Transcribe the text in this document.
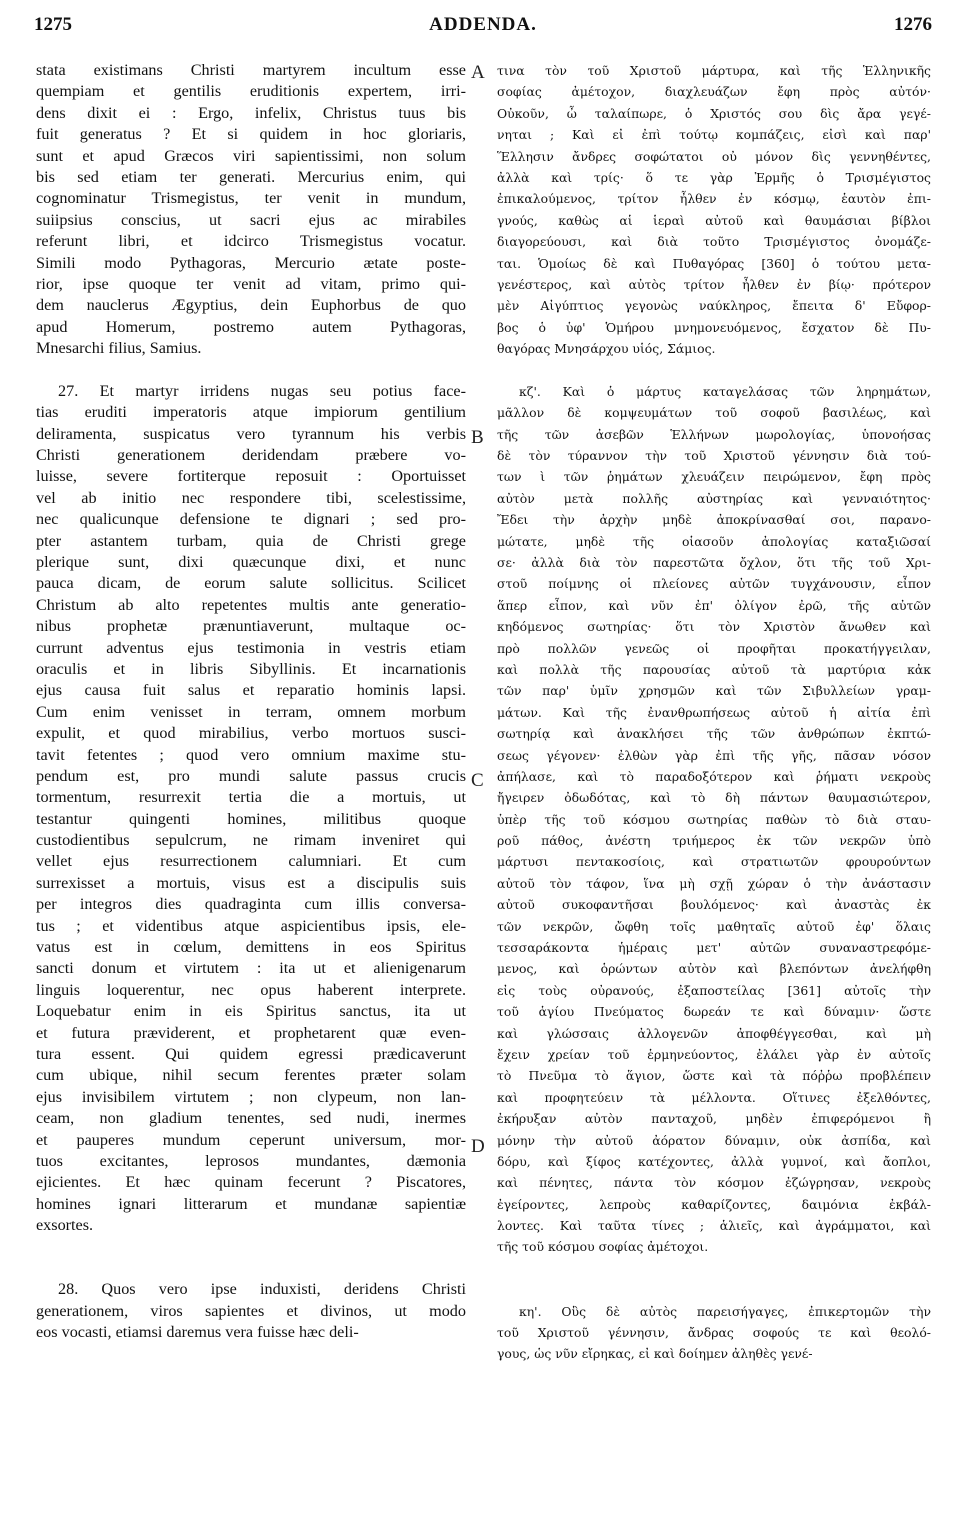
1275	ADDENDA.	1276
A
B
C
D
stata existimans Christi martyrem incultum esse
quempiam et gentilis eruditionis expertem, irri-
dens dixit ei : Ergo, infelix, Christus tuus bis
fuit generatus ? Et si quidem in hoc gloriaris,
sunt et apud Græcos viri sapientissimi, non solum
bis sed etiam ter generati. Mercurius enim, qui
cognominatur Trismegistus, ter venit in mundum,
suiipsius conscius, ut sacri ejus ac mirabiles
referunt libri, et idcirco Trismegistus vocatur.
Simili modo Pythagoras, Mercurio ætate poste-
rior, ipse quoque ter venit ad vitam, primo qui-
dem nauclerus Ægyptius, dein Euphorbus de quo
apud Homerum, postremo autem Pythagoras,
Mnesarchi filius, Samius.
27. Et martyr irridens nugas seu potius face-
tias eruditi imperatoris atque impiorum gentilium
deliramenta, suspicatus vero tyrannum his verbis
Christi generationem deridendam præbere vo-
luisse, severe fortiterque reposuit : Oportuisset
vel ab initio nec respondere tibi, scelestissime,
nec qualicunque defensione te dignari ; sed pro-
pter astantem turbam, quia de Christi grege
plerique sunt, dixi quæcunque dixi, et nunc
pauca dicam, de eorum salute sollicitus. Scilicet
Christum ab alto repetentes multis ante generatio-
nibus prophetæ prænuntiaverunt, multaque oc-
currunt adventus ejus testimonia in vestris etiam
oraculis et in libris Sibyllinis. Et incarnationis
ejus causa fuit salus et reparatio hominis lapsi.
Cum enim venisset in terram, omnem morbum
expulit, et quod mirabilius, verbo mortuos susci-
tavit fetentes ; quod vero omnium maxime stu-
pendum est, pro mundi salute passus crucis
tormentum, resurrexit tertia die a mortuis, ut
testantur quingenti homines, militibus quoque
custodientibus sepulcrum, ne rimam inveniret qui
vellet ejus resurrectionem calumniari. Et cum
surrexisset a mortuis, visus est a discipulis suis
per integros dies quadraginta cum illis conversa-
tus ; et videntibus atque aspicientibus ipsis, ele-
vatus est in cœlum, demittens in eos Spiritus
sancti donum et virtutem : ita ut et alienigenarum
linguis loquerentur, nec opus haberent interprete.
Loquebatur enim in eis Spiritus sanctus, ita ut
et futura præviderent, et prophetarent quæ even-
tura essent. Qui quidem egressi prædicaverunt
cum ubique, nihil secum ferentes præter solam
ejus invisibilem virtutem ; non clypeum, non lan-
ceam, non gladium tenentes, sed nudi, inermes
et pauperes mundum ceperunt universum, mor-
tuos excitantes, leprosos mundantes, dæmonia
ejicientes. Et hæc quinam fecerunt ? Piscatores,
homines ignari litterarum et mundanæ sapientiæ
exsortes.
28. Quos vero ipse induxisti, deridens Christi
generationem, viros sapientes et divinos, ut modo
eos vocasti, etiamsi daremus vera fuisse hæc deli-
τινα τὸν τοῦ Χριστοῦ μάρτυρα, καὶ τῆς Ἑλληνικῆς
σοφίας ἀμέτοχον, διαχλευάζων ἔφη πρὸς αὐτόν·
Οὐκοῦν, ὦ ταλαίπωρε, ὁ Χριστός σου δὶς ἄρα γεγέ-
νηται ; Καὶ εἰ ἐπὶ τούτῳ κομπάζεις, εἰσὶ καὶ παρ'
Ἕλλησιν ἄνδρες σοφώτατοι οὐ μόνον δὶς γεννηθέντες,
ἀλλὰ καὶ τρίς· ὅ τε γὰρ Ἑρμῆς ὁ Τρισμέγιστος
ἐπικαλούμενος, τρίτον ἦλθεν ἐν κόσμῳ, ἑαυτὸν ἐπι-
γνούς, καθὼς αἱ ἱεραὶ αὐτοῦ καὶ θαυμάσιαι βίβλοι
διαγορεύουσι, καὶ διὰ τοῦτο Τρισμέγιστος ὀνομάζε-
ται. Ὁμοίως δὲ καὶ Πυθαγόρας [360] ὁ τούτου μετα-
γενέστερος, καὶ αὐτὸς τρίτον ἦλθεν ἐν βίῳ· πρότερον
μὲν Αἰγύπτιος γεγονὼς ναύκληρος, ἔπειτα δ' Εὔφορ-
βος ὁ ὑφ' Ὁμήρου μνημονευόμενος, ἔσχατον δὲ Πυ-
θαγόρας Μνησάρχου υἱός, Σάμιος.
κζ'. Καὶ ὁ μάρτυς καταγελάσας τῶν ληρημάτων,
μᾶλλον δὲ κομψευμάτων τοῦ σοφοῦ βασιλέως, καὶ
τῆς τῶν ἀσεβῶν Ἑλλήνων μωρολογίας, ὑπονοήσας
δὲ τὸν τύραννον τὴν τοῦ Χριστοῦ γέννησιν διὰ τού-
των ὶ τῶν ῥημάτων χλευάζειν πειρώμενον, ἔφη πρὸς
αὐτὸν μετὰ πολλῆς αὐστηρίας καὶ γενναιότητος·
Ἔδει τὴν ἀρχὴν μηδὲ ἀποκρίνασθαί σοι, παρανο-
μώτατε, μηδὲ τῆς οἱασοῦν ἀπολογίας καταξιῶσαί
σε· ἀλλὰ διὰ τὸν παρεστῶτα ὄχλον, ὅτι τῆς τοῦ Χρι-
στοῦ ποίμνης οἱ πλείονες αὐτῶν τυγχάνουσιν, εἶπον
ἅπερ εἶπον, καὶ νῦν ἐπ' ὀλίγον ἐρῶ, τῆς αὐτῶν
κηδόμενος σωτηρίας· ὅτι τὸν Χριστὸν ἄνωθεν καὶ
πρὸ πολλῶν γενεῶς οἱ προφῆται προκατήγγειλαν,
καὶ πολλὰ τῆς παρουσίας αὐτοῦ τὰ μαρτύρια κἀκ
τῶν παρ' ὑμῖν χρησμῶν καὶ τῶν Σιβυλλείων γραμ-
μάτων. Καὶ τῆς ἐνανθρωπήσεως αὐτοῦ ἡ αἰτία ἐπὶ
σωτηρίᾳ καὶ ἀνακλήσει τῆς τῶν ἀνθρώπων ἐκπτώ-
σεως γέγονεν· ἐλθὼν γὰρ ἐπὶ τῆς γῆς, πᾶσαν νόσον
ἀπήλασε, καὶ τὸ παραδοξότερον καὶ ῥήματι νεκροὺς
ἤγειρεν ὀδωδότας, καὶ τὸ δὴ πάντων θαυμασιώτερον,
ὑπὲρ τῆς τοῦ κόσμου σωτηρίας παθὼν τὸ διὰ σταυ-
ροῦ πάθος, ἀνέστη τριήμερος ἐκ τῶν νεκρῶν ὑπὸ
μάρτυσι πεντακοσίοις, καὶ στρατιωτῶν φρουρούντων
αὐτοῦ τὸν τάφον, ἵνα μὴ σχῇ χώραν ὁ τὴν ἀνάστασιν
αὐτοῦ συκοφαντῆσαι βουλόμενος· καὶ ἀναστὰς ἐκ
τῶν νεκρῶν, ὤφθη τοῖς μαθηταῖς αὐτοῦ ἐφ' ὅλαις
τεσσαράκοντα ἡμέραις μετ' αὐτῶν συναναστρεφόμε-
μενος, καὶ ὁρώντων αὐτὸν καὶ βλεπόντων ἀνελήφθη
εἰς τοὺς οὐρανούς, ἐξαποστείλας [361] αὐτοῖς τὴν
τοῦ ἁγίου Πνεύματος δωρεάν τε καὶ δύναμιν· ὥστε
καὶ γλώσσαις ἀλλογενῶν ἀποφθέγγεσθαι, καὶ μὴ
ἔχειν χρείαν τοῦ ἑρμηνεύοντος, ἐλάλει γὰρ ἐν αὐτοῖς
τὸ Πνεῦμα τὸ ἅγιον, ὥστε καὶ τὰ πόῤῥω προβλέπειν
καὶ προφητεύειν τὰ μέλλοντα. Οἵτινες ἐξελθόντες,
ἐκήρυξαν αὐτὸν πανταχοῦ, μηδὲν ἐπιφερόμενοι ἢ
μόνην τὴν αὐτοῦ ἀόρατον δύναμιν, οὐκ ἀσπίδα, καὶ
δόρυ, καὶ ξίφος κατέχοντες, ἀλλὰ γυμνοί, καὶ ἄοπλοι,
καὶ πένητες, πάντα τὸν κόσμον ἐζώγρησαν, νεκροὺς
ἐγείροντες, λεπροὺς καθαρίζοντες, δαιμόνια ἐκβάλ-
λοντες. Καὶ ταῦτα τίνες ; ἁλιεῖς, καὶ ἀγράμματοι, καὶ
τῆς τοῦ κόσμου σοφίας ἀμέτοχοι.
κη'. Οὓς δὲ αὐτὸς παρεισήγαγες, ἐπικερτομῶν τὴν
τοῦ Χριστοῦ γέννησιν, ἄνδρας σοφούς τε καὶ θεολό-
γους, ὡς νῦν εἴρηκας, εἰ καὶ δοίημεν ἀληθὲς γενέ-
